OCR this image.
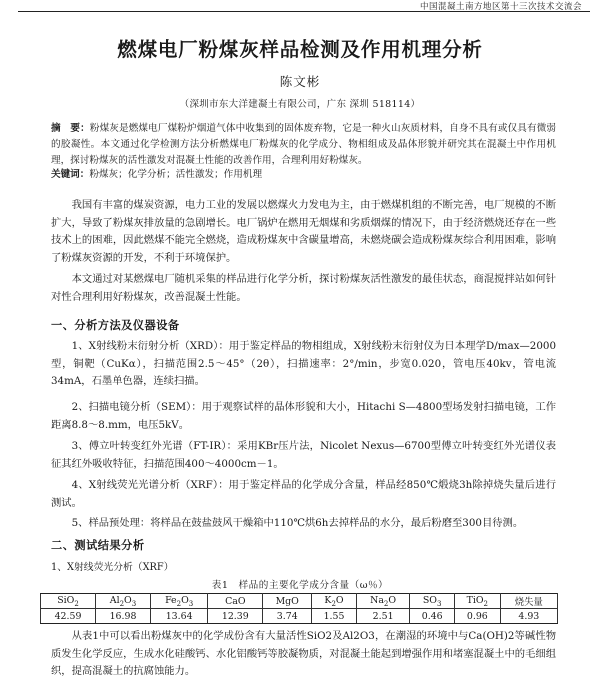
中国混凝土南方地区第十三次技术交流会
燃煤电厂粉煤灰样品检测及作用机理分析
陈文彬
（深圳市东大洋建凝土有限公司，广东 深圳 518114）
摘　要：粉煤灰是燃煤电厂煤粉炉烟道气体中收集到的固体废弃物，它是一种火山灰质材料，自身不具有或仅具有微弱的胶凝性。本文通过化学检测方法分析燃煤电厂粉煤灰的化学成分、物相组成及晶体形貌并研究其在混凝土中作用机理，探讨粉煤灰的活性激发对混凝土性能的改善作用，合理利用好粉煤灰。
关键词：粉煤灰；化学分析；活性激发；作用机理
我国有丰富的煤炭资源，电力工业的发展以燃煤火力发电为主，由于燃煤机组的不断完善，电厂规模的不断扩大，导致了粉煤灰排放量的急剧增长。电厂锅炉在燃用无烟煤和劣质烟煤的情况下，由于经济燃烧还存在一些技术上的困难，因此燃煤不能完全燃烧，造成粉煤灰中含碳量增高，未燃烧碳会造成粉煤灰综合利用困难，影响了粉煤灰资源的开发，不利于环境保护。
本文通过对某燃煤电厂随机采集的样品进行化学分析，探讨粉煤灰活性激发的最佳状态，商混搅拌站如何针对性合理利用好粉煤灰，改善混凝土性能。
一、分析方法及仪器设备
1、X射线粉末衍射分析（XRD）：用于鉴定样品的物相组成，X射线粉末衍射仪为日本理学D/max—2000型，铜靶（CuKα），扫描范围2.5～45°（2θ），扫描速率：2°/min，步宽0.020，管电压40kv，管电流34mA，石墨单色器，连续扫描。
2、扫描电镜分析（SEM）：用于观察试样的晶体形貌和大小，Hitachi S—4800型场发射扫描电镜，工作距离8.8～8.mm，电压5kV。
3、傅立叶转变红外光谱（FT-IR）：采用KBr压片法，Nicolet Nexus—6700型傅立叶转变红外光谱仪表征其红外吸收特征，扫描范围400～4000cm－1。
4、X射线荧光光谱分析（XRF）：用于鉴定样品的化学成分含量，样品经850℃煅烧3h除掉烧失量后进行测试。
5、样品预处理：将样品在鼓盐鼓风干燥箱中110℃烘6h去掉样品的水分，最后粉磨至300目待测。
二、测试结果分析
1、X射线荧光分析（XRF）
表1　样品的主要化学成分含量（ω％）
SiO$_2$	$Al_2O_3$	$Fe_2O_3$	CaO	MgO	$K_2O$	$Na_2O$	$SO_3$	TiO$_2$	烧失量
42.59	16.98	13.64	12.39	3.74	1.55	2.51	0.46	0.96	4.93
从表1中可以看出粉煤灰中的化学成份含有大量活性SiO2及Al2O3，在潮湿的环境中与Ca(OH)2等碱性物质发生化学反应，生成水化硅酸钙、水化铝酸钙等胶凝物质，对混凝土能起到增强作用和堵塞混凝土中的毛细组织，提高混凝土的抗腐蚀能力。
